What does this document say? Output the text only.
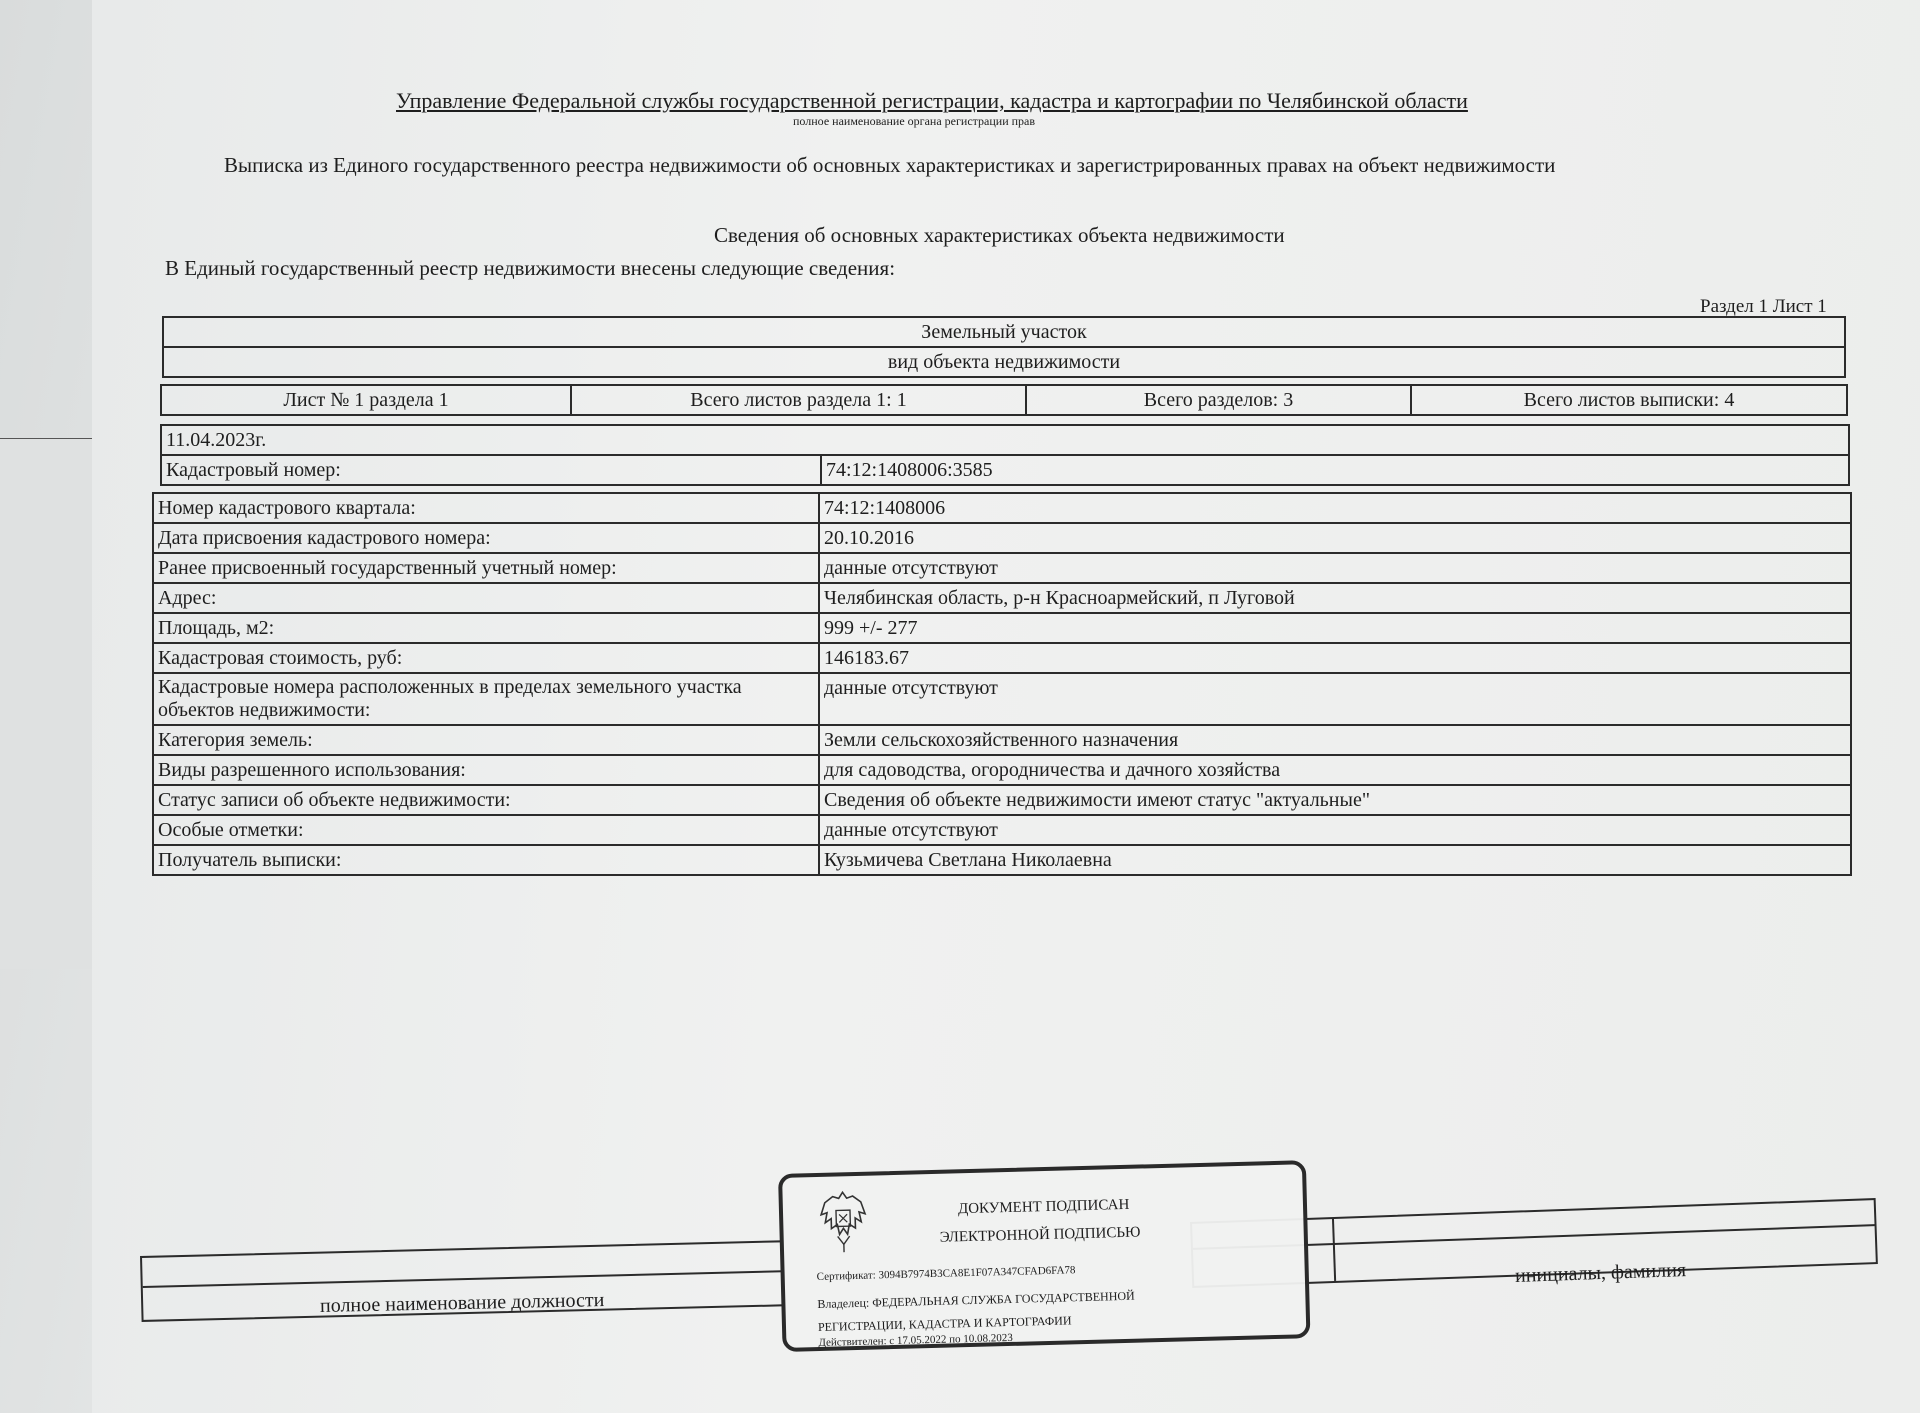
Управление Федеральной службы государственной регистрации, кадастра и картографии по Челябинской области
полное наименование органа регистрации прав
Выписка из Единого государственного реестра недвижимости об основных характеристиках и зарегистрированных правах на объект недвижимости
Сведения об основных характеристиках объекта недвижимости
В Единый государственный реестр недвижимости внесены следующие сведения:
Раздел 1 Лист 1
Земельный участок
вид объекта недвижимости
Лист № 1 раздела 1	Всего листов раздела 1: 1	Всего разделов: 3	Всего листов выписки: 4
11.04.2023г.
Кадастровый номер:	74:12:1408006:3585
Номер кадастрового квартала:	74:12:1408006
Дата присвоения кадастрового номера:	20.10.2016
Ранее присвоенный государственный учетный номер:	данные отсутствуют
Адрес:	Челябинская область, р-н Красноармейский, п Луговой
Площадь, м2:	999 +/- 277
Кадастровая стоимость, руб:	146183.67
Кадастровые номера расположенных в пределах земельного участка объектов недвижимости:	данные отсутствуют
Категория земель:	Земли сельскохозяйственного назначения
Виды разрешенного использования:	для садоводства, огородничества и дачного хозяйства
Статус записи об объекте недвижимости:	Сведения об объекте недвижимости имеют статус "актуальные"
Особые отметки:	данные отсутствуют
Получатель выписки:	Кузьмичева Светлана Николаевна
полное наименование должности
инициалы, фамилия
ДОКУМЕНТ ПОДПИСАН
ЭЛЕКТРОННОЙ ПОДПИСЬЮ
Сертификат: 3094B7974B3CA8E1F07A347CFAD6FA78
Владелец: ФЕДЕРАЛЬНАЯ СЛУЖБА ГОСУДАРСТВЕННОЙ
РЕГИСТРАЦИИ, КАДАСТРА И КАРТОГРАФИИ
Действителен: с 17.05.2022 по 10.08.2023
